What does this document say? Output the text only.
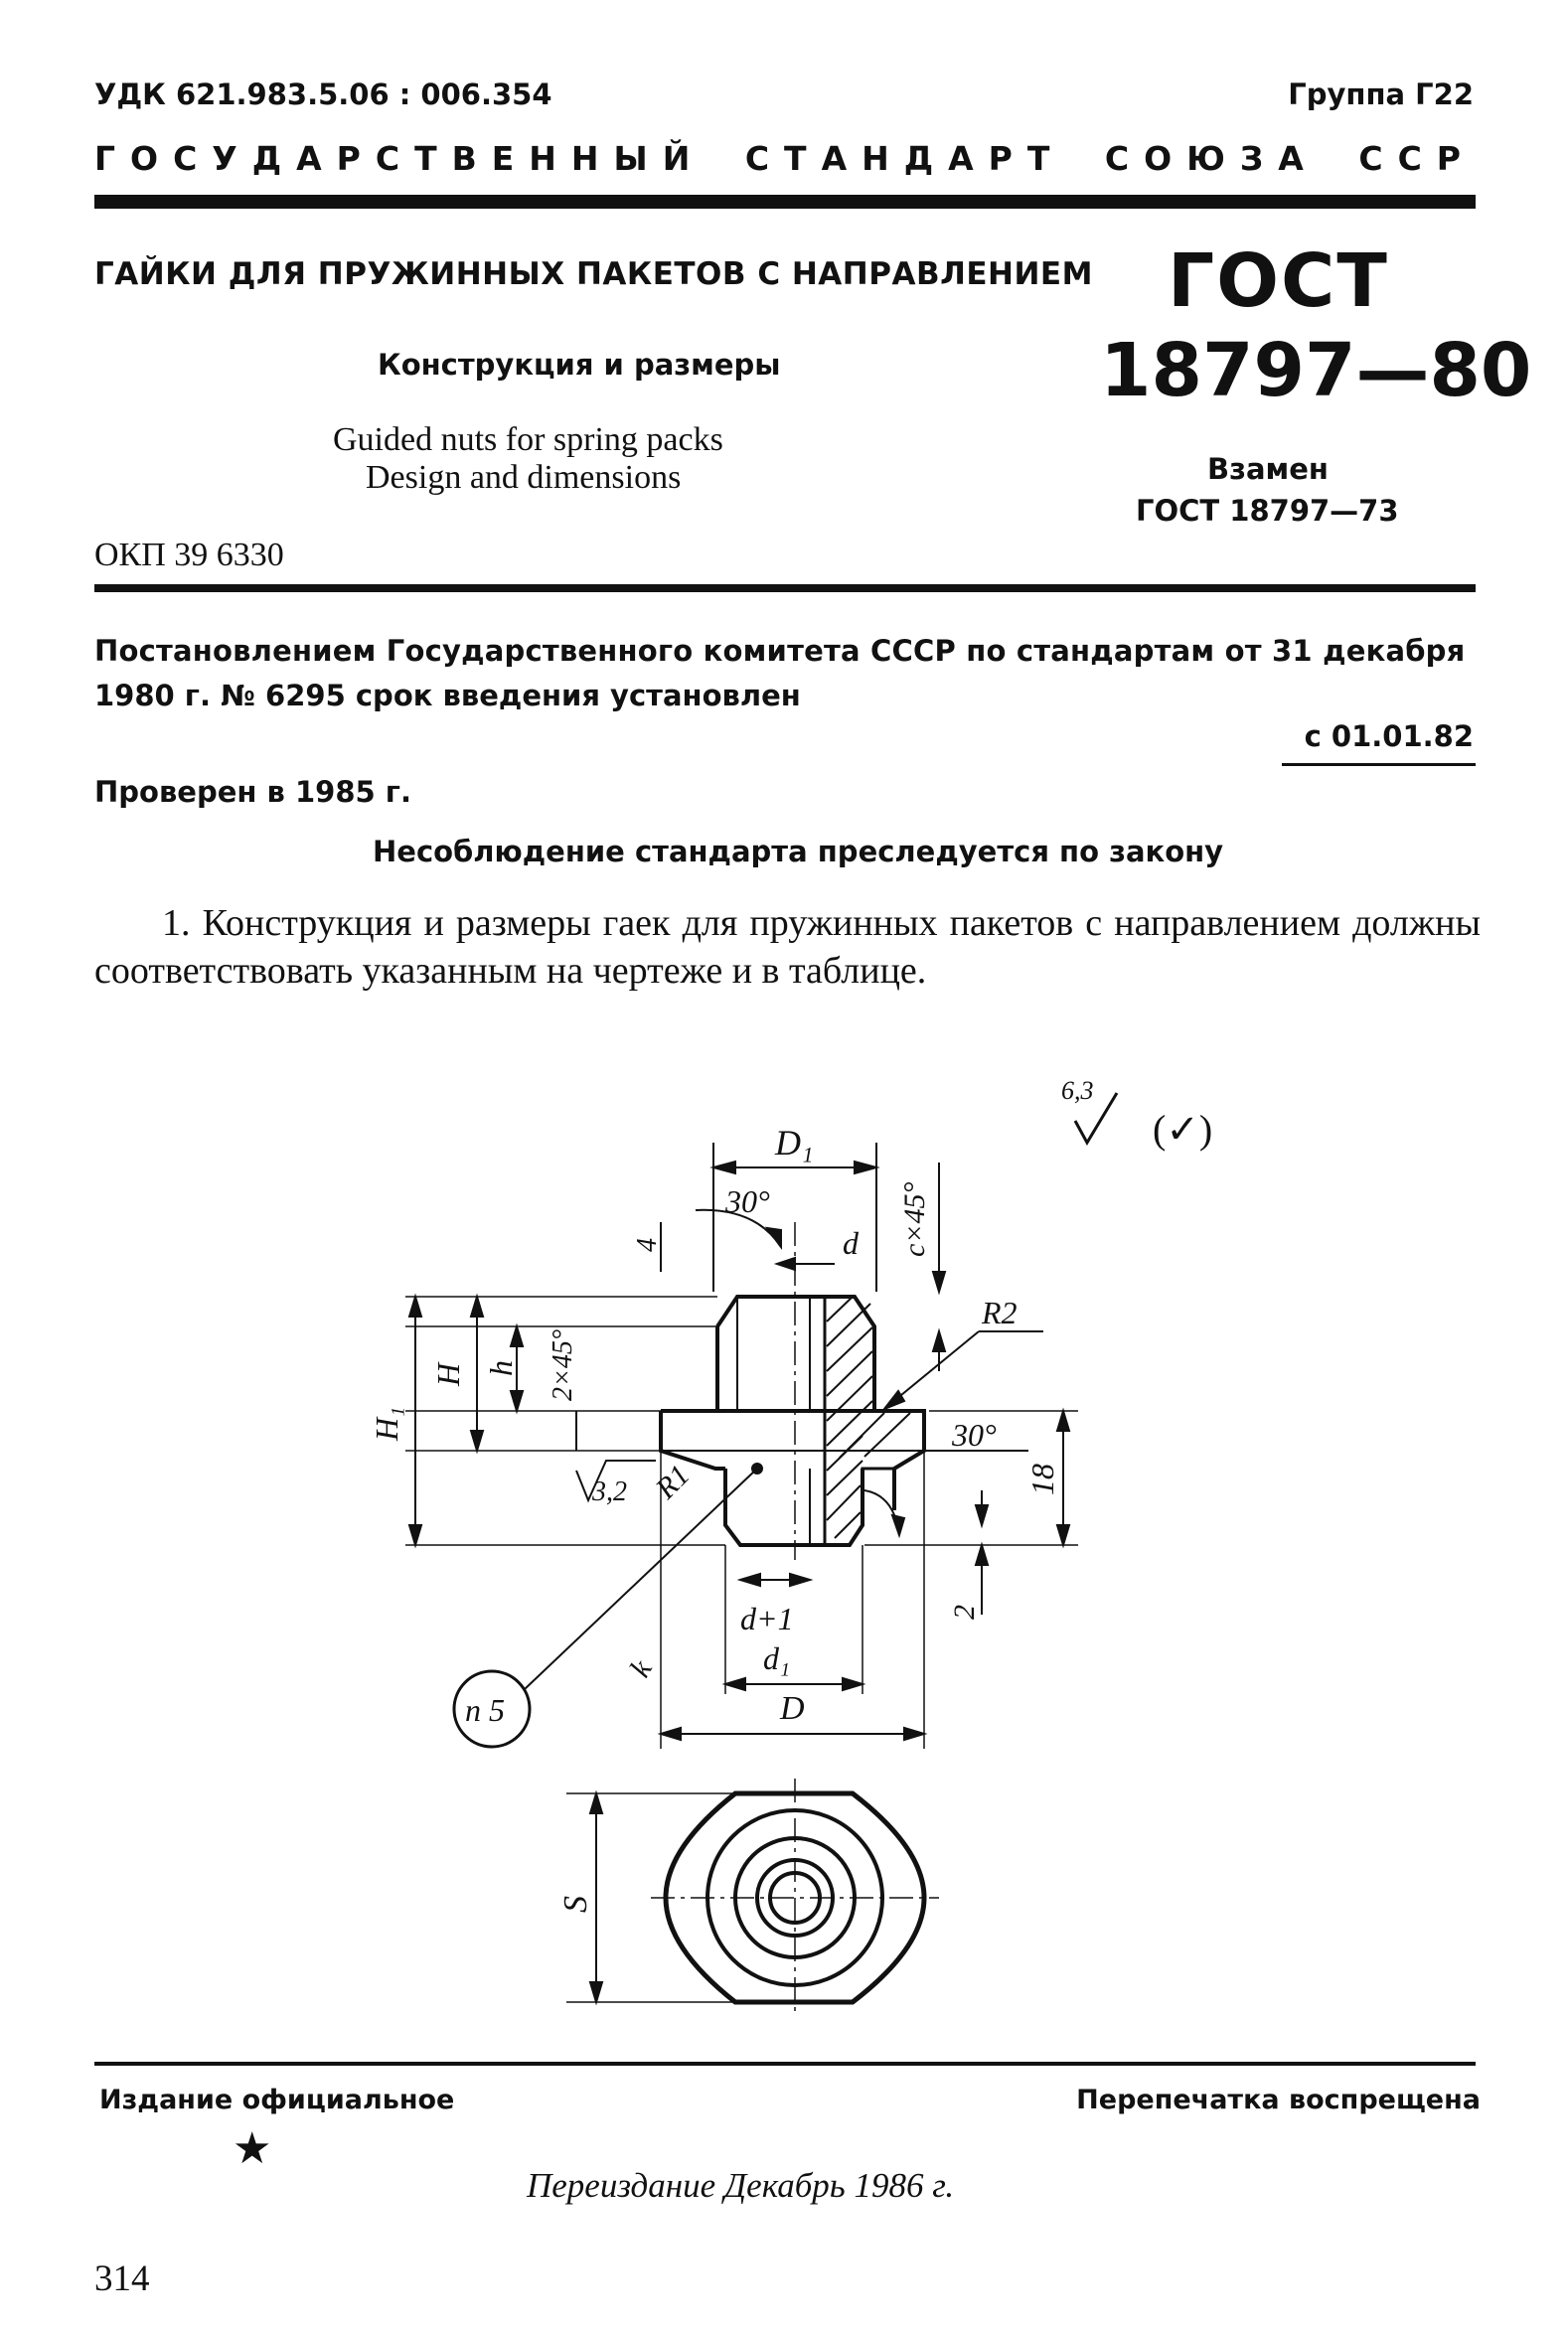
УДК 621.983.5.06 : 006.354	Группа Г22
ГОСУДАРСТВЕННЫЙ СТАНДАРТ СОЮЗА ССР
ГАЙКИ ДЛЯ ПРУЖИННЫХ ПАКЕТОВ С НАПРАВЛЕНИЕМ
Конструкция и размеры
Guided nuts for spring packs
Design and dimensions
ОКП 39 6330
ГОСТ
18797—80
Взамен
ГОСТ 18797—73
Постановлением Государственного комитета СССР по стандартам от 31 декабря
1980 г. № 6295 срок введения установлен
с 01.01.82
Проверен в 1985 г.
Несоблюдение стандарта преследуется по закону
1. Конструкция и размеры гаек для пружинных пакетов с направлением должны соответствовать указанным на чертеже и в таблице.
6,3
(✓)
D₁
30°
d c×45°
4
R2
H₁
H h 2×45°
R1
3,2
30°
18
2
d+1
d₁
D
k
п 5
S
Издание официальное	Перепечатка воспрещена
★
Переиздание Декабрь 1986 г.
314
